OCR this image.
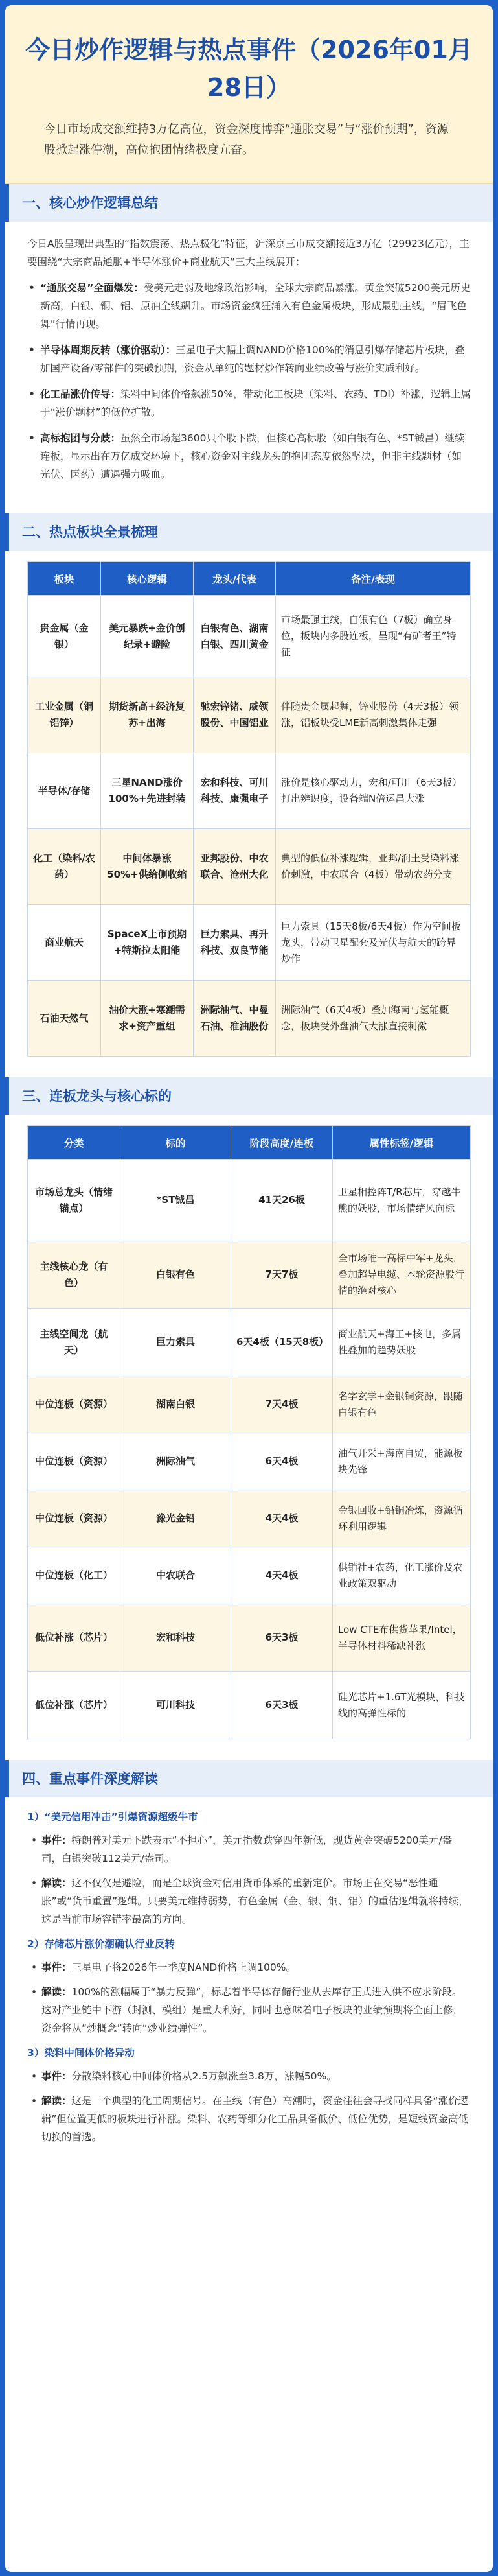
今日炒作逻辑与热点事件（2026年01月28日）

今日市场成交额维持3万亿高位，资金深度博弈“通胀交易”与“涨价预期”，资源股掀起涨停潮，高位抱团情绪极度亢奋。

一、核心炒作逻辑总结

今日A股呈现出典型的“指数震荡、热点极化”特征，沪深京三市成交额接近3万亿（29923亿元），主要围绕“大宗商品通胀+半导体涨价+商业航天”三大主线展开：

• “通胀交易”全面爆发：受美元走弱及地缘政治影响，全球大宗商品暴涨。黄金突破5200美元历史新高，白银、铜、铝、原油全线飙升。市场资金疯狂涌入有色金属板块，形成最强主线，“眉飞色舞”行情再现。
• 半导体周期反转（涨价驱动）：三星电子大幅上调NAND价格100%的消息引爆存储芯片板块，叠加国产设备/零部件的突破预期，资金从单纯的题材炒作转向业绩改善与涨价实质利好。
• 化工品涨价传导：染料中间体价格飙涨50%，带动化工板块（染料、农药、TDI）补涨，逻辑上属于“涨价题材”的低位扩散。
• 高标抱团与分歧：虽然全市场超3600只个股下跌，但核心高标股（如白银有色、*ST铖昌）继续连板，显示出在万亿成交环境下，核心资金对主线龙头的抱团态度依然坚决，但非主线题材（如光伏、医药）遭遇强力吸血。
二、热点板块全景梳理
板块	核心逻辑	龙头/代表	备注/表现
贵金属（金银）	美元暴跌+金价创纪录+避险	白银有色、湖南白银、四川黄金	市场最强主线，白银有色（7板）确立身位，板块内多股连板，呈现“有矿者王”特征
工业金属（铜铝锌）	期货新高+经济复苏+出海	驰宏锌锗、威领股份、中国铝业	伴随贵金属起舞，锌业股份（4天3板）领涨，铝板块受LME新高刺激集体走强
半导体/存储	三星NAND涨价100%+先进封装	宏和科技、可川科技、康强电子	涨价是核心驱动力，宏和/可川（6天3板）打出辨识度，设备端N倍运昌大涨
化工（染料/农药）	中间体暴涨50%+供给侧收缩	亚邦股份、中农联合、沧州大化	典型的低位补涨逻辑，亚邦/润土受染料涨价刺激，中农联合（4板）带动农药分支
商业航天	SpaceX上市预期+特斯拉太阳能	巨力索具、再升科技、双良节能	巨力索具（15天8板/6天4板）作为空间板龙头，带动卫星配套及光伏与航天的跨界炒作
石油天然气	油价大涨+寒潮需求+资产重组	洲际油气、中曼石油、准油股份	洲际油气（6天4板）叠加海南与氢能概念，板块受外盘油气大涨直接刺激
三、连板龙头与核心标的
分类	标的	阶段高度/连板	属性标签/逻辑
市场总龙头（情绪锚点）	*ST铖昌	41天26板	卫星相控阵T/R芯片，穿越牛熊的妖股，市场情绪风向标
主线核心龙（有色）	白银有色	7天7板	全市场唯一高标中军+龙头，叠加超导电缆、本轮资源股行情的绝对核心
主线空间龙（航天）	巨力索具	6天4板（15天8板）	商业航天+海工+核电，多属性叠加的趋势妖股
中位连板（资源）	湖南白银	7天4板	名字玄学+金银铜资源，跟随白银有色
中位连板（资源）	洲际油气	6天4板	油气开采+海南自贸，能源板块先锋
中位连板（资源）	豫光金铅	4天4板	金银回收+铅铜冶炼，资源循环利用逻辑
中位连板（化工）	中农联合	4天4板	供销社+农药，化工涨价及农业政策双驱动
低位补涨（芯片）	宏和科技	6天3板	Low CTE布供货苹果/Intel，半导体材料稀缺补涨
低位补涨（芯片）	可川科技	6天3板	硅光芯片+1.6T光模块，科技线的高弹性标的
四、重点事件深度解读
1）“美元信用冲击”引爆资源超级牛市
• 事件：特朗普对美元下跌表示“不担心”，美元指数跌穿四年新低，现货黄金突破5200美元/盎司，白银突破112美元/盎司。
• 解读：这不仅仅是避险，而是全球资金对信用货币体系的重新定价。市场正在交易“恶性通胀”或“货币重置”逻辑。只要美元维持弱势，有色金属（金、银、铜、铝）的重估逻辑就将持续，这是当前市场容错率最高的方向。
2）存储芯片涨价潮确认行业反转
• 事件：三星电子将2026年一季度NAND价格上调100%。
• 解读：100%的涨幅属于“暴力反弹”，标志着半导体存储行业从去库存正式进入供不应求阶段。这对产业链中下游（封测、模组）是重大利好，同时也意味着电子板块的业绩预期将全面上修，资金将从“炒概念”转向“炒业绩弹性”。
3）染料中间体价格异动
• 事件：分散染料核心中间体价格从2.5万飙涨至3.8万，涨幅50%。
• 解读：这是一个典型的化工周期信号。在主线（有色）高潮时，资金往往会寻找同样具备“涨价逻辑”但位置更低的板块进行补涨。染料、农药等细分化工品具备低价、低位优势，是短线资金高低切换的首选。
